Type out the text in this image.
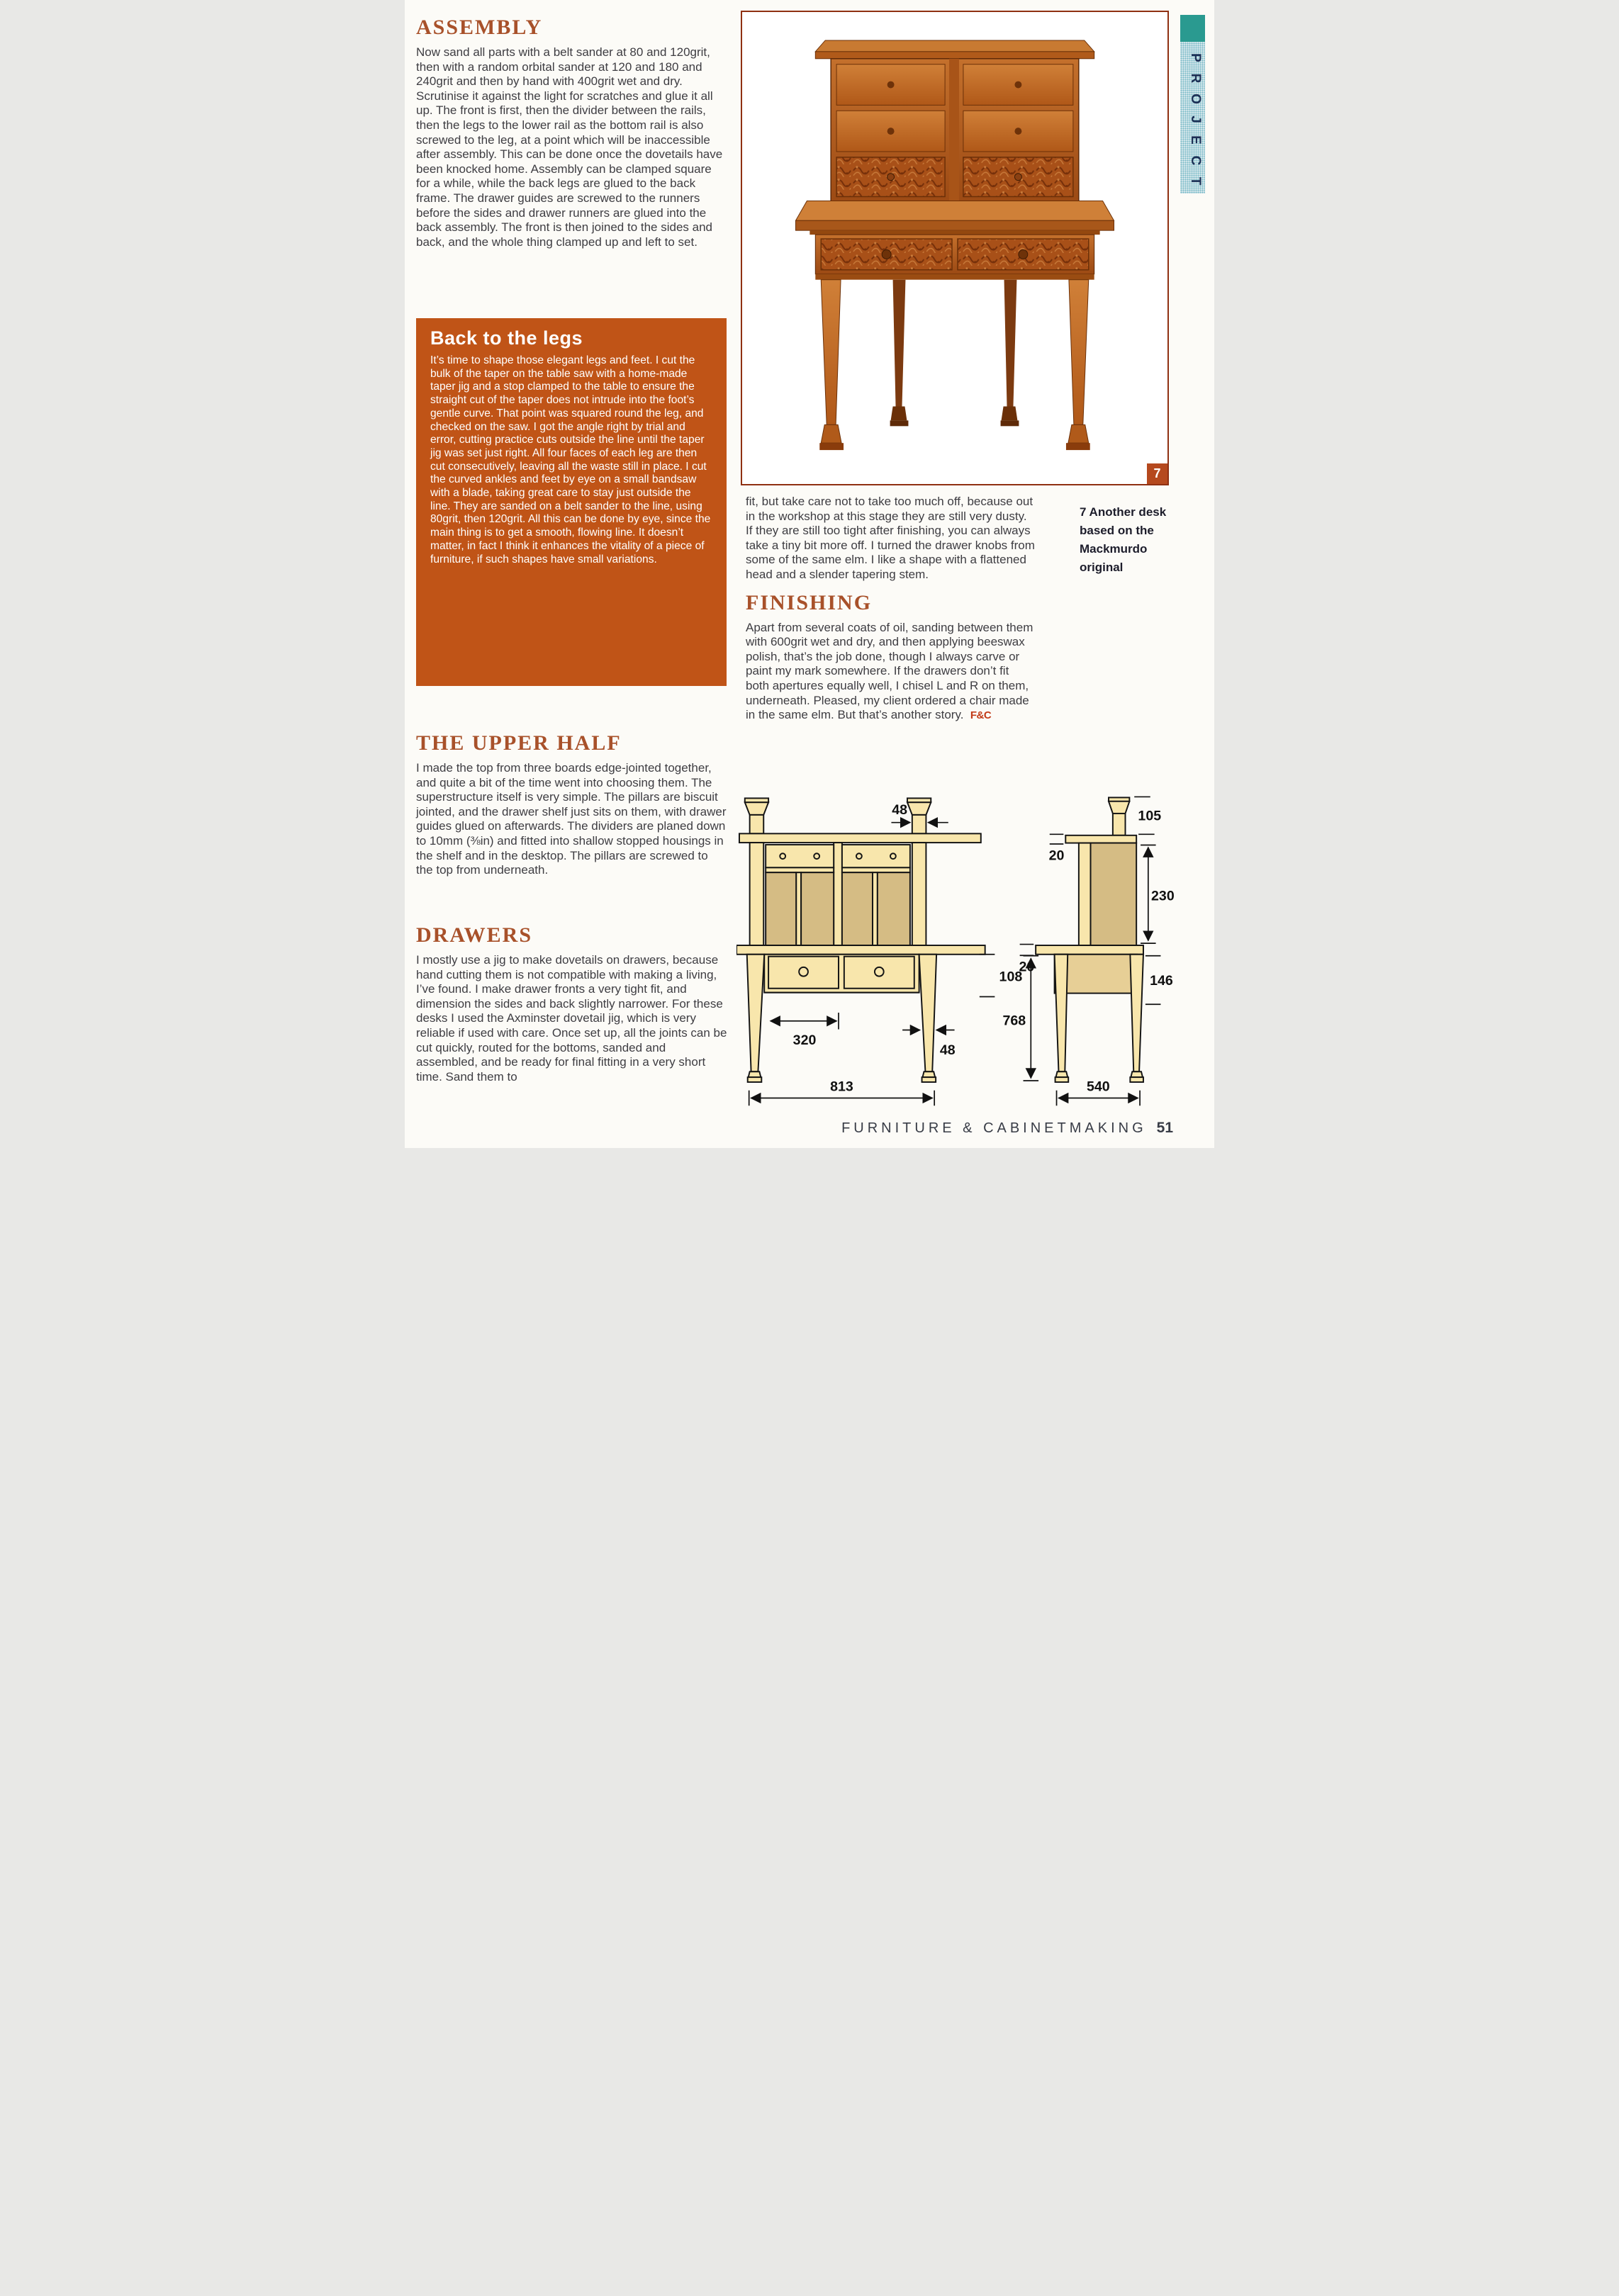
ASSEMBLY

Now sand all parts with a belt sander at 80 and 120grit, then with a random orbital sander at 120 and 180 and 240grit and then by hand with 400grit wet and dry. Scrutinise it against the light for scratches and glue it all up. The front is first, then the divider between the rails, then the legs to the lower rail as the bottom rail is also screwed to the leg, at a point which will be inaccessible after assembly. This can be done once the dovetails have been knocked home. Assembly can be clamped square for a while, while the back legs are glued to the back frame. The drawer guides are screwed to the runners before the sides and drawer runners are glued into the back assembly. The front is then joined to the sides and back, and the whole thing clamped up and left to set.

Back to the legs

It’s time to shape those elegant legs and feet. I cut the bulk of the taper on the table saw with a home-made taper jig and a stop clamped to the table to ensure the straight cut of the taper does not intrude into the foot’s gentle curve. That point was squared round the leg, and checked on the saw. I got the angle right by trial and error, cutting practice cuts outside the line until the taper jig was set just right. All four faces of each leg are then cut consecutively, leaving all the waste still in place. I cut the curved ankles and feet by eye on a small bandsaw with a blade, taking great care to stay just outside the line. They are sanded on a belt sander to the line, using 80grit, then 120grit. All this can be done by eye, since the main thing is to get a smooth, flowing line. It doesn’t matter, in fact I think it enhances the vitality of a piece of furniture, if such shapes have small variations.

THE UPPER HALF

I made the top from three boards edge-jointed together, and quite a bit of the time went into choosing them. The superstructure itself is very simple. The pillars are biscuit jointed, and the drawer shelf just sits on them, with drawer guides glued on afterwards. The dividers are planed down to 10mm (⅜in) and fitted into shallow stopped housings in the shelf and in the desktop. The pillars are screwed to the top from underneath.

DRAWERS

I mostly use a jig to make dovetails on drawers, because hand cutting them is not compatible with making a living, I’ve found. I make drawer fronts a very tight fit, and dimension the sides and back slightly narrower. For these desks I used the Axminster dovetail jig, which is very reliable if used with care. Once set up, all the joints can be cut quickly, routed for the bottoms, sanded and assembled, and be ready for final fitting in a very short time. Sand them to

7
P
R
O
J
E
C
T
7 Another desk based on the Mackmurdo original

fit, but take care not to take too much off, because out in the workshop at this stage they are still very dusty. If they are still too tight after finishing, you can always take a tiny bit more off. I turned the drawer knobs from some of the same elm. I like a shape with a flattened head and a slender tapering stem.

FINISHING

Apart from several coats of oil, sanding between them with 600grit wet and dry, and then applying beeswax polish, that’s the job done, though I always carve or paint my mark somewhere. If the drawers don’t fit both apertures equally well, I chisel L and R on them, underneath. Pleased, my client ordered a chair made in the same elm. But that’s another story. F&C

48
108
320
48
768
813
105
20
230
20
146
540
FURNITURE & CABINETMAKING 51
